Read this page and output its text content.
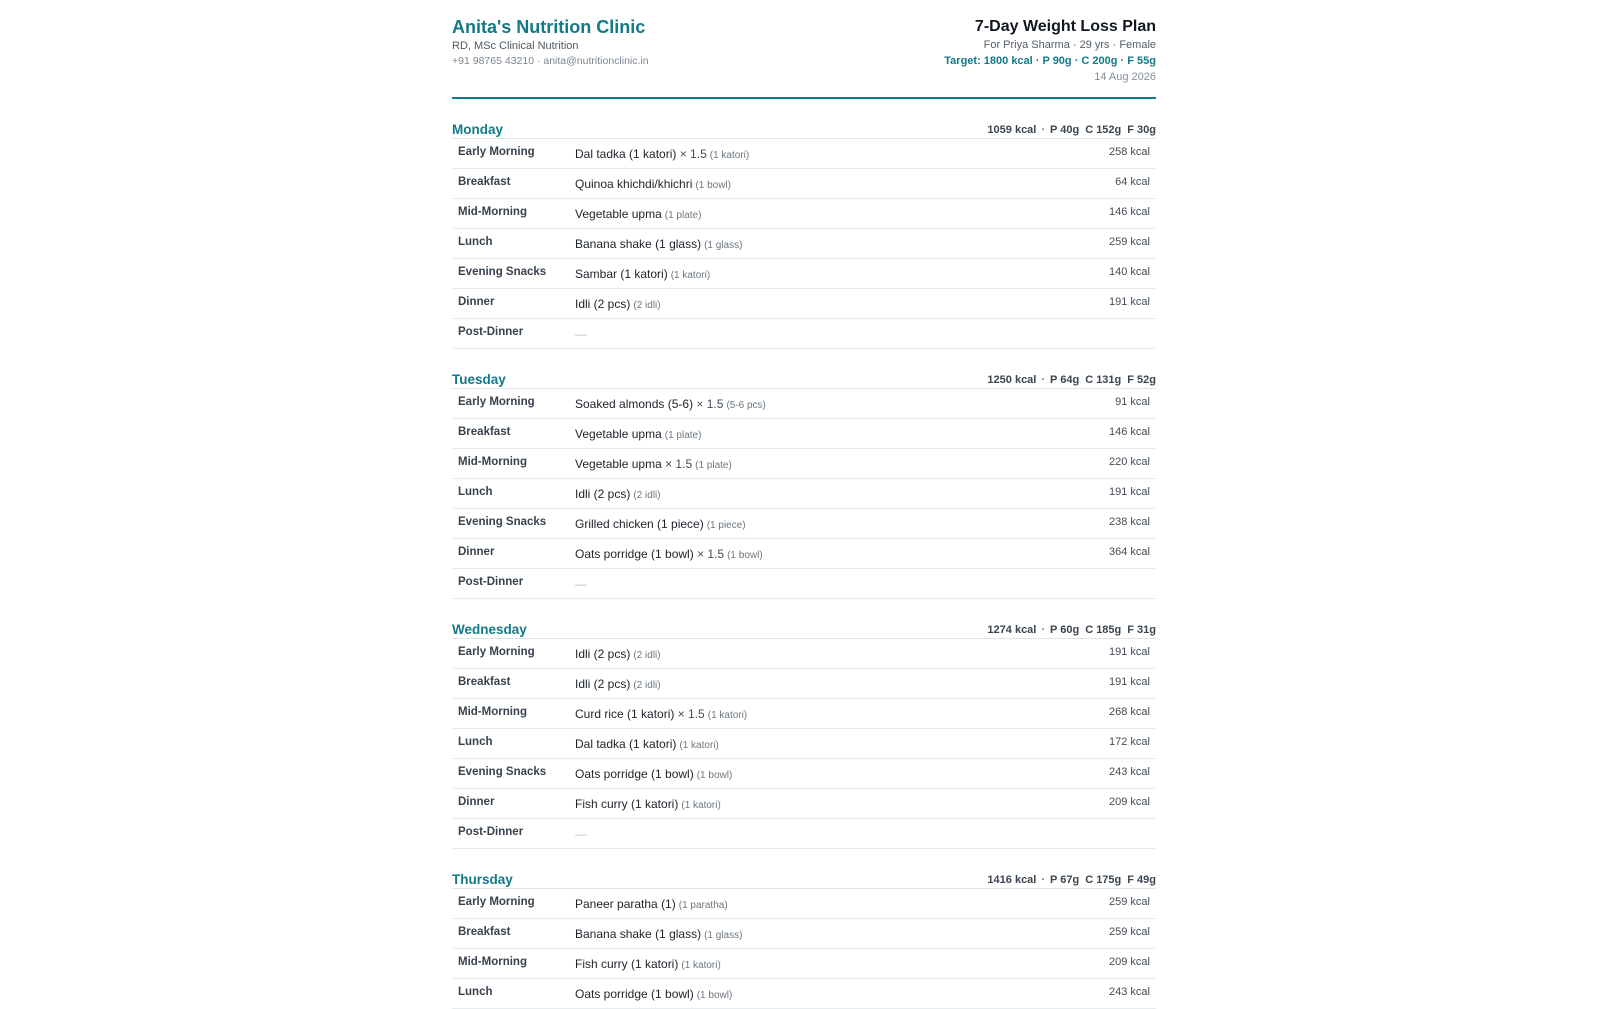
Anita's Nutrition Clinic
RD, MSc Clinical Nutrition
+91 98765 43210 · anita@nutritionclinic.in
7-Day Weight Loss Plan
For Priya Sharma · 29 yrs · Female
Target: 1800 kcal · P 90g · C 200g · F 55g
14 Aug 2026
Monday	1059 kcal · P 40g C 152g F 30g
Early Morning	Dal tadka (1 katori) × 1.5 (1 katori)	258 kcal
Breakfast	Quinoa khichdi/khichri (1 bowl)	64 kcal
Mid-Morning	Vegetable upma (1 plate)	146 kcal
Lunch	Banana shake (1 glass) (1 glass)	259 kcal
Evening Snacks	Sambar (1 katori) (1 katori)	140 kcal
Dinner	Idli (2 pcs) (2 idli)	191 kcal
Post-Dinner	—
Tuesday	1250 kcal · P 64g C 131g F 52g
Early Morning	Soaked almonds (5-6) × 1.5 (5-6 pcs)	91 kcal
Breakfast	Vegetable upma (1 plate)	146 kcal
Mid-Morning	Vegetable upma × 1.5 (1 plate)	220 kcal
Lunch	Idli (2 pcs) (2 idli)	191 kcal
Evening Snacks	Grilled chicken (1 piece) (1 piece)	238 kcal
Dinner	Oats porridge (1 bowl) × 1.5 (1 bowl)	364 kcal
Post-Dinner	—
Wednesday	1274 kcal · P 60g C 185g F 31g
Early Morning	Idli (2 pcs) (2 idli)	191 kcal
Breakfast	Idli (2 pcs) (2 idli)	191 kcal
Mid-Morning	Curd rice (1 katori) × 1.5 (1 katori)	268 kcal
Lunch	Dal tadka (1 katori) (1 katori)	172 kcal
Evening Snacks	Oats porridge (1 bowl) (1 bowl)	243 kcal
Dinner	Fish curry (1 katori) (1 katori)	209 kcal
Post-Dinner	—
Thursday	1416 kcal · P 67g C 175g F 49g
Early Morning	Paneer paratha (1) (1 paratha)	259 kcal
Breakfast	Banana shake (1 glass) (1 glass)	259 kcal
Mid-Morning	Fish curry (1 katori) (1 katori)	209 kcal
Lunch	Oats porridge (1 bowl) (1 bowl)	243 kcal
